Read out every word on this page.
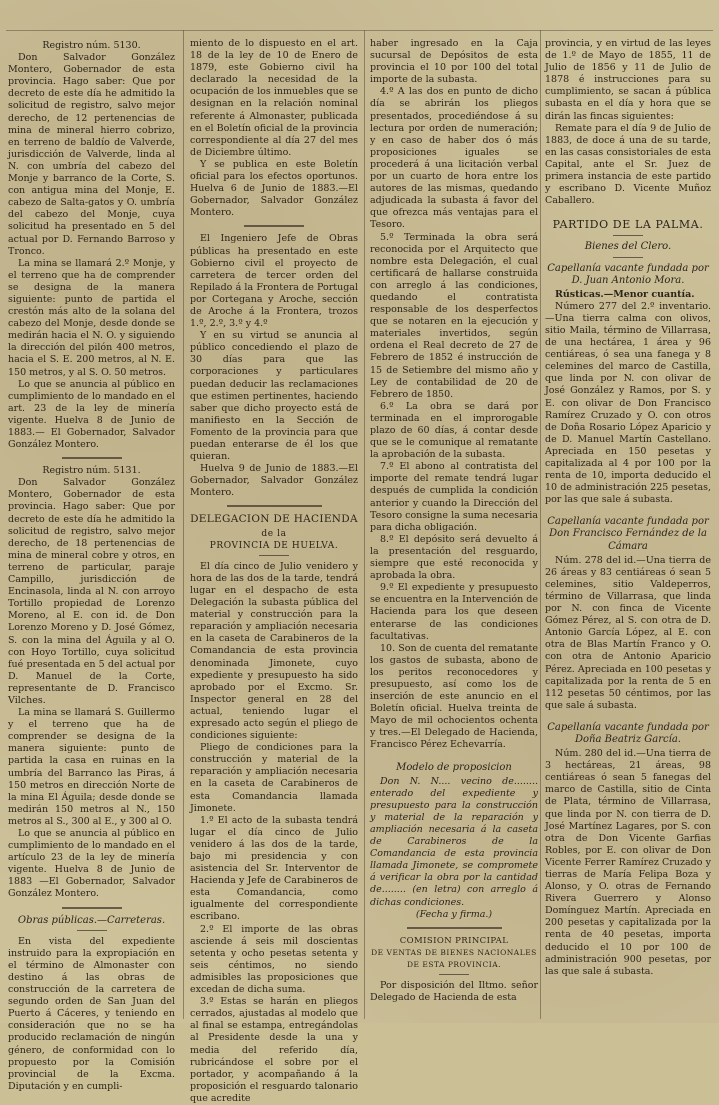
Registro núm. 5130.

Don Salvador González Montero, Gobernador de esta provincia. Hago saber: Que por decreto de este día he admitido la solicitud de registro, salvo mejor derecho, de 12 pertenencias de mina de mineral hierro cobrizo, en terreno de baldío de Valverde, jurisdicción de Valverde, linda al N. con umbría del cabezo del Monje y barranco de la Corte, S. con antigua mina del Monje, E. cabezo de Salta-gatos y O. umbría del cabezo del Monje, cuya solicitud ha presentado en 5 del actual por D. Fernando Barroso y Tronco.

La mina se llamará 2.º Monje, y el terreno que ha de comprender se designa de la manera siguiente: punto de partida el crestón más alto de la solana del cabezo del Monje, desde donde se medirán hacia el N. O. y siguiendo la dirección del pilón 400 metros, hacia el S. E. 200 metros, al N. E. 150 metros, y al S. O. 50 metros.

Lo que se anuncia al público en cumplimiento de lo mandado en el art. 23 de la ley de minería vigente. Huelva 8 de Junio de 1883.— El Gobernador, Salvador González Montero.

Registro núm. 5131.

Don Salvador González Montero, Gobernador de esta provincia. Hago saber: Que por decreto de este día he admitido la solicitud de registro, salvo mejor derecho, de 18 pertenencias de mina de mineral cobre y otros, en terreno de particular, paraje Campillo, jurisdicción de Encinasola, linda al N. con arroyo Tortillo propiedad de Lorenzo Moreno, al E. con id. de Don Lorenzo Moreno y D. José Gómez, S. con la mina del Águila y al O. con Hoyo Tortillo, cuya solicitud fué presentada en 5 del actual por D. Manuel de la Corte, representante de D. Francisco Vilches.

La mina se llamará S. Guillermo y el terreno que ha de comprender se designa de la manera siguiente: punto de partida la casa en ruinas en la umbría del Barranco las Piras, á 150 metros en dirección Norte de la mina El Águila; desde donde se medirán 150 metros al N., 150 metros al S., 300 al E., y 300 al O.

Lo que se anuncia al público en cumplimiento de lo mandado en el artículo 23 de la ley de minería vigente. Huelva 8 de Junio de 1883 —El Gobernador, Salvador González Montero.

Obras públicas.—Carreteras.

En vista del expediente instruido para la expropiación en el término de Almonaster con destino á las obras de construcción de la carretera de segundo orden de San Juan del Puerto á Cáceres, y teniendo en consideración que no se ha producido reclamación de ningún género, de conformidad con lo propuesto por la Comisión provincial de la Excma. Diputación y en cumpli-

miento de lo dispuesto en el art. 18 de la ley de 10 de Enero de 1879, este Gobierno civil ha declarado la necesidad de la ocupación de los inmuebles que se designan en la relación nominal referente á Almonaster, publicada en el Boletín oficial de la provincia correspondiente al día 27 del mes de Diciembre último.

Y se publica en este Boletín oficial para los efectos oportunos. Huelva 6 de Junio de 1883.—El Gobernador, Salvador González Montero.

El Ingeniero Jefe de Obras públicas ha presentado en este Gobierno civil el proyecto de carretera de tercer orden del Repilado á la Frontera de Portugal por Cortegana y Aroche, sección de Aroche á la Frontera, trozos 1.º, 2.º, 3.º y 4.º

Y en su virtud se anuncia al público concediendo el plazo de 30 días para que las corporaciones y particulares puedan deducir las reclamaciones que estimen pertinentes, haciendo saber que dicho proyecto está de manifiesto en la Sección de Fomento de la provincia para que puedan enterarse de él los que quieran.

Huelva 9 de Junio de 1883.—El Gobernador, Salvador González Montero.

DELEGACION DE HACIENDA

de la

PROVINCIA DE HUELVA.

El día cinco de Julio venidero y hora de las dos de la tarde, tendrá lugar en el despacho de esta Delegación la subasta pública del material y construcción para la reparación y ampliación necesaria en la caseta de Carabineros de la Comandancia de esta provincia denominada Jimonete, cuyo expediente y presupuesto ha sido aprobado por el Excmo. Sr. Inspector general en 28 del actual, teniendo lugar el expresado acto según el pliego de condiciones siguiente:

Pliego de condiciones para la construcción y material de la reparación y ampliación necesaria en la caseta de Carabineros de esta Comandancia llamada Jimonete.

1.º El acto de la subasta tendrá lugar el día cinco de Julio venidero á las dos de la tarde, bajo mi presidencia y con asistencia del Sr. Interventor de Hacienda y Jefe de Carabineros de esta Comandancia, como igualmente del correspondiente escribano.

2.º El importe de las obras asciende á seis mil doscientas setenta y ocho pesetas setenta y seis céntimos, no siendo admisibles las proposiciones que excedan de dicha suma.

3.º Estas se harán en pliegos cerrados, ajustadas al modelo que al final se estampa, entregándolas al Presidente desde la una y media del referido día, rubricándose el sobre por el portador, y acompañando á la proposición el resguardo talonario que acredite

haber ingresado en la Caja sucursal de Depósitos de esta provincia el 10 por 100 del total importe de la subasta.

4.º A las dos en punto de dicho día se abrirán los pliegos presentados, procediéndose á su lectura por orden de numeración; y en caso de haber dos ó más proposiciones iguales se procederá á una licitación verbal por un cuarto de hora entre los autores de las mismas, quedando adjudicada la subasta á favor del que ofrezca más ventajas para el Tesoro.

5.º Terminada la obra será reconocida por el Arquitecto que nombre esta Delegación, el cual certificará de hallarse construida con arreglo á las condiciones, quedando el contratista responsable de los desperfectos que se notaren en la ejecución y materiales invertidos, según ordena el Real decreto de 27 de Febrero de 1852 é instrucción de 15 de Setiembre del mismo año y Ley de contabilidad de 20 de Febrero de 1850.

6.º La obra se dará por terminada en el improrogable plazo de 60 días, á contar desde que se le comunique al rematante la aprobación de la subasta.

7.º El abono al contratista del importe del remate tendrá lugar después de cumplida la condición anterior y cuando la Dirección del Tesoro consigne la suma necesaria para dicha obligación.

8.º El depósito será devuelto á la presentación del resguardo, siempre que esté reconocida y aprobada la obra.

9.º El expediente y presupuesto se encuentra en la Intervención de Hacienda para los que deseen enterarse de las condiciones facultativas.

10. Son de cuenta del rematante los gastos de subasta, abono de los peritos reconocedores y presupuesto, así como los de inserción de este anuncio en el Boletín oficial. Huelva treinta de Mayo de mil ochocientos ochenta y tres.—El Delegado de Hacienda, Francisco Pérez Echevarría.

Modelo de proposicion

Don N. N.... vecino de........ enterado del expediente y presupuesto para la construcción y material de la reparación y ampliación necesaria á la caseta de Carabineros de la Comandancia de esta provincia llamada Jimonete, se compromete á verificar la obra por la cantidad de........ (en letra) con arreglo á dichas condiciones.

(Fecha y firma.)

COMISION PRINCIPAL

DE VENTAS DE BIENES NACIONALES

DE ESTA PROVINCIA.

Por disposición del Iltmo. señor Delegado de Hacienda de esta

provincia, y en virtud de las leyes de 1.º de Mayo de 1855, 11 de Julio de 1856 y 11 de Julio de 1878 é instrucciones para su cumplimiento, se sacan á pública subasta en el día y hora que se dirán las fincas siguientes:

Remate para el día 9 de Julio de 1883, de doce á una de su tarde, en las casas consistoriales de esta Capital, ante el Sr. Juez de primera instancia de este partido y escribano D. Vicente Muñoz Caballero.

PARTIDO DE LA PALMA.

Bienes del Clero.

Capellanía vacante fundada por D. Juan Antonio Mora.

Rústicas.—Menor cuantía.

Número 277 del 2.º inventario.—Una tierra calma con olivos, sitio Maila, término de Villarrasa, de una hectárea, 1 área y 96 centiáreas, ó sea una fanega y 8 celemines del marco de Castilla, que linda por N. con olivar de José González y Ramos, por S. y E. con olivar de Don Francisco Ramírez Cruzado y O. con otros de Doña Rosario López Aparicio y de D. Manuel Martín Castellano. Apreciada en 150 pesetas y capitalizada al 4 por 100 por la renta de 10, importa deducido el 10 de administración 225 pesetas, por las que sale á subasta.

Capellanía vacante fundada por Don Francisco Fernández de la Cámara

Núm. 278 del id.—Una tierra de 26 áreas y 83 centiáreas ó sean 5 celemines, sitio Valdeperros, término de Villarrasa, que linda por N. con finca de Vicente Gómez Pérez, al S. con otra de D. Antonio García López, al E. con otra de Blas Martín Franco y O. con otra de Antonio Aparicio Pérez. Apreciada en 100 pesetas y capitalizada por la renta de 5 en 112 pesetas 50 céntimos, por las que sale á subasta.

Capellanía vacante fundada por Doña Beatriz García.

Núm. 280 del id.—Una tierra de 3 hectáreas, 21 áreas, 98 centiáreas ó sean 5 fanegas del marco de Castilla, sitio de Cinta de Plata, término de Villarrasa, que linda por N. con tierra de D. José Martínez Lagares, por S. con otra de Don Vicente Garfias Robles, por E. con olivar de Don Vicente Ferrer Ramírez Cruzado y tierras de María Felipa Boza y Alonso, y O. otras de Fernando Rivera Guerrero y Alonso Domínguez Martín. Apreciada en 200 pesetas y capitalizada por la renta de 40 pesetas, importa deducido el 10 por 100 de administración 900 pesetas, por las que sale á subasta.
